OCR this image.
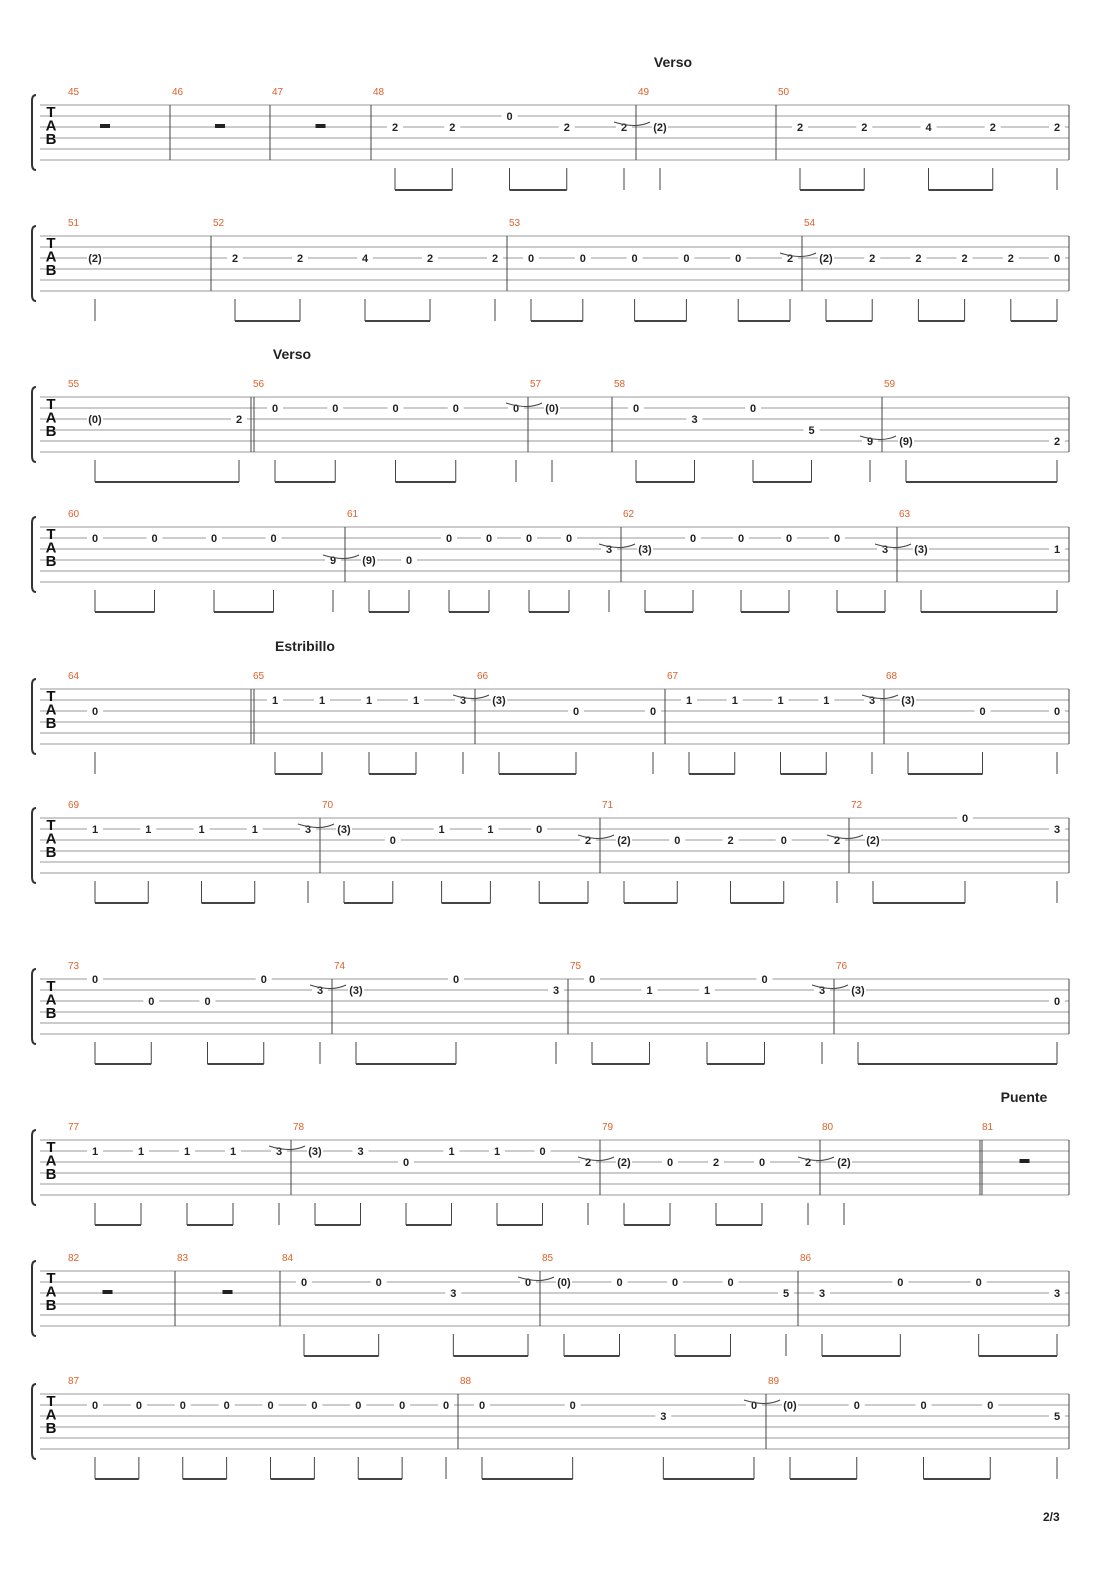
T
A
B
Verso
45	46	47	48
2	2
0
2	2
49
(2)
50
2	2	4	2	2
T
A
B
51
(2)
52
2	2	4	2	2
53
0	0	0	0	0	2
54
(2)	2	2	2	2	0
T
A
B
Verso
55
(0)	2
56
0	0	0	0	0
57
(0)
58
0
3
0
5
9
59
(9)	2
T
A
B
60
0	0	0	0
9
61
(9)	0
0	0	0	0
3
62
(3)
0	0	0	0
3
63
(3)	1
T
A
B
Estribillo
64
0
65
1	1	1	1	3
66
(3)
0	0
67
1	1	1	1	3
68
(3)
0	0
T
A
B
69
1	1	1	1	3
70
(3)
0
1	1	0
2
71
(2)	0	2	0	2
72
(2)
0
3
T
A
B
73
0
0	0
0
3
74
(3)
0
3
75
0
1	1
0
3
76
(3)
0
T
A
B
Puente
77
1	1	1	1	3
78
(3)	3
0
1	1	0
2
79
(2)	0	2	0	2
80
(2)
81
T
A
B
82	83	84
0	0
3
0
85
(0)	0	0	0
5
86
3
0	0
3
T
A
B
87
0	0	0	0	0	0	0	0	0
88
0	0
3
0
89
(0)	0	0	0
5
2/3
